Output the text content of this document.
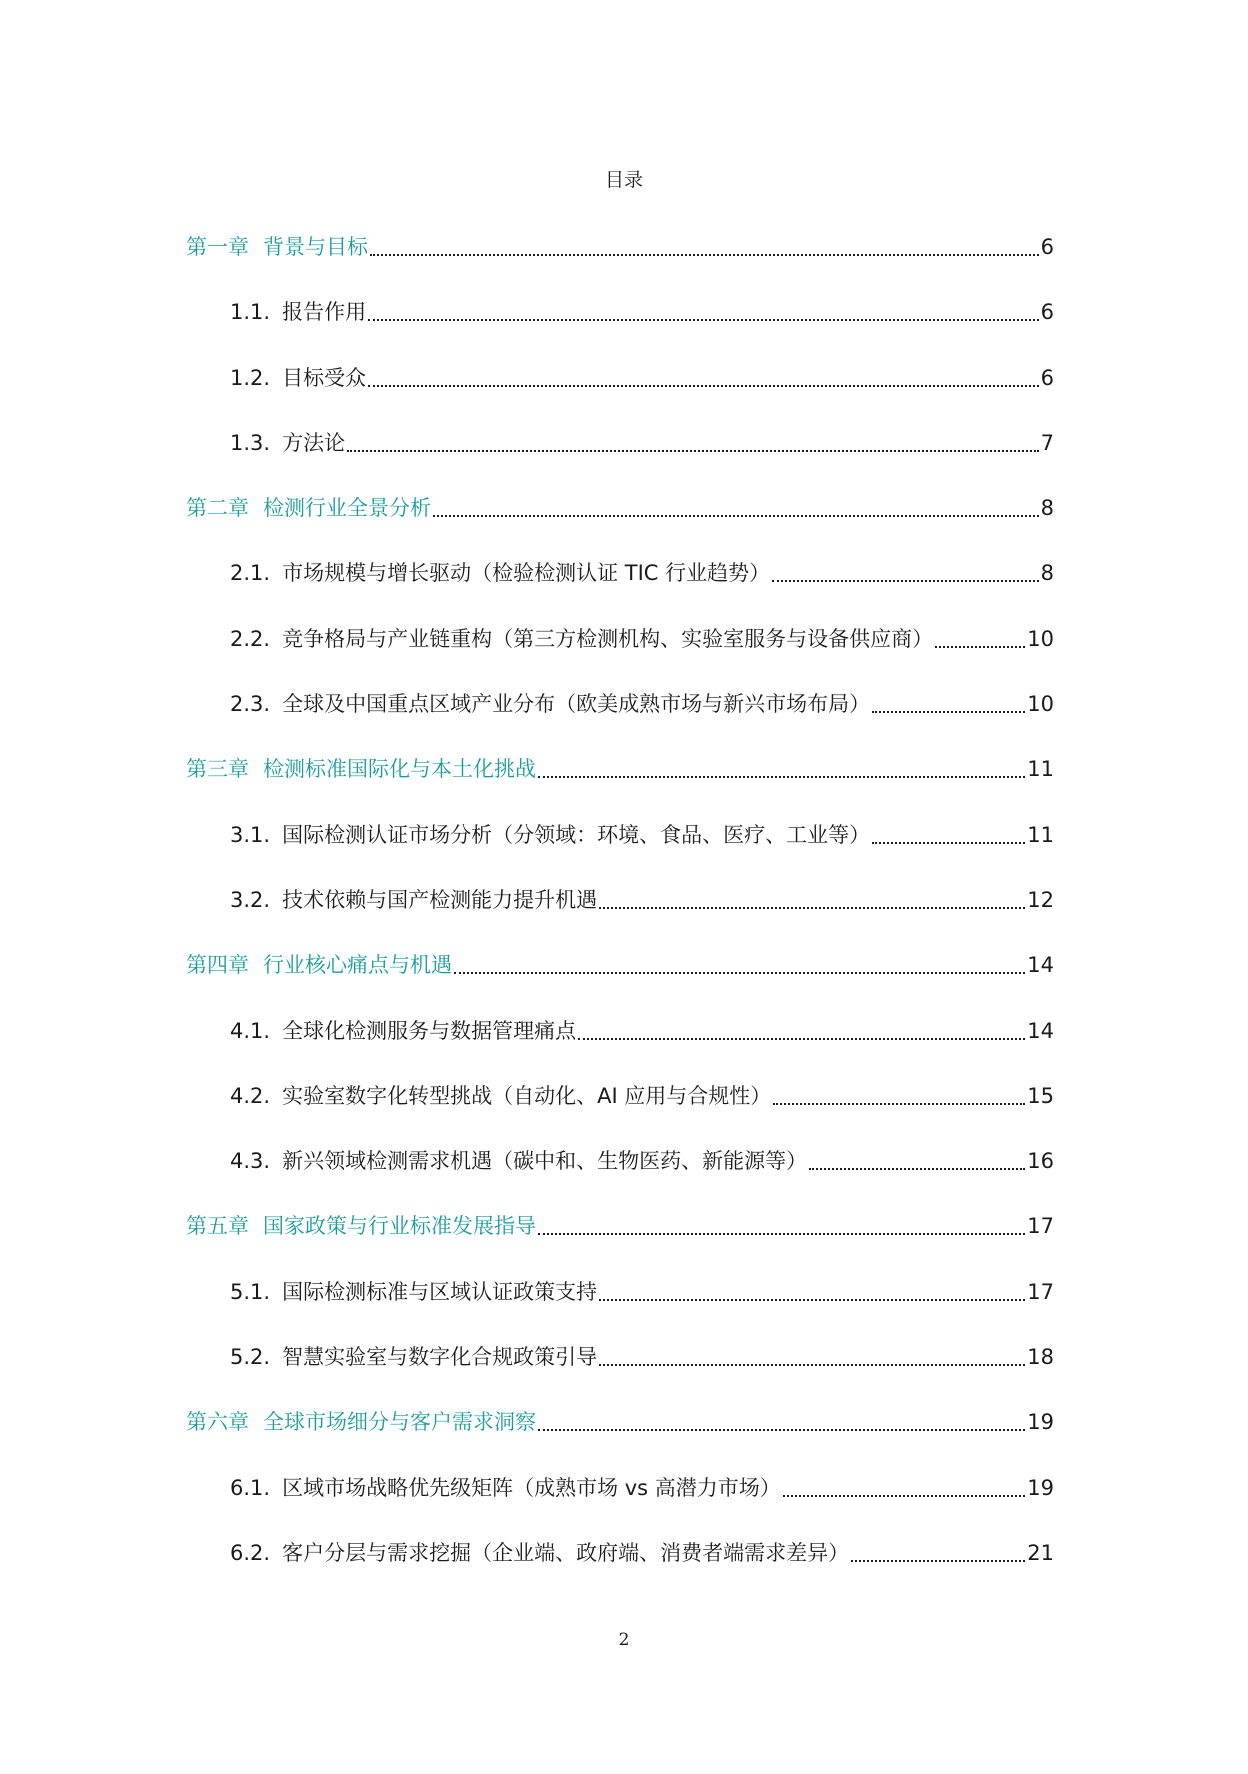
目录
第一章 背景与目标	6
1.1. 报告作用	6
1.2. 目标受众	6
1.3. 方法论	7
第二章 检测行业全景分析	8
2.1. 市场规模与增长驱动（检验检测认证 TIC 行业趋势）	8
2.2. 竞争格局与产业链重构（第三方检测机构、实验室服务与设备供应商）	10
2.3. 全球及中国重点区域产业分布（欧美成熟市场与新兴市场布局）	10
第三章 检测标准国际化与本土化挑战	11
3.1. 国际检测认证市场分析（分领域：环境、食品、医疗、工业等）	11
3.2. 技术依赖与国产检测能力提升机遇	12
第四章 行业核心痛点与机遇	14
4.1. 全球化检测服务与数据管理痛点	14
4.2. 实验室数字化转型挑战（自动化、AI 应用与合规性）	15
4.3. 新兴领域检测需求机遇（碳中和、生物医药、新能源等）	16
第五章 国家政策与行业标准发展指导	17
5.1. 国际检测标准与区域认证政策支持	17
5.2. 智慧实验室与数字化合规政策引导	18
第六章 全球市场细分与客户需求洞察	19
6.1. 区域市场战略优先级矩阵（成熟市场 vs 高潜力市场）	19
6.2. 客户分层与需求挖掘（企业端、政府端、消费者端需求差异）	21
2
